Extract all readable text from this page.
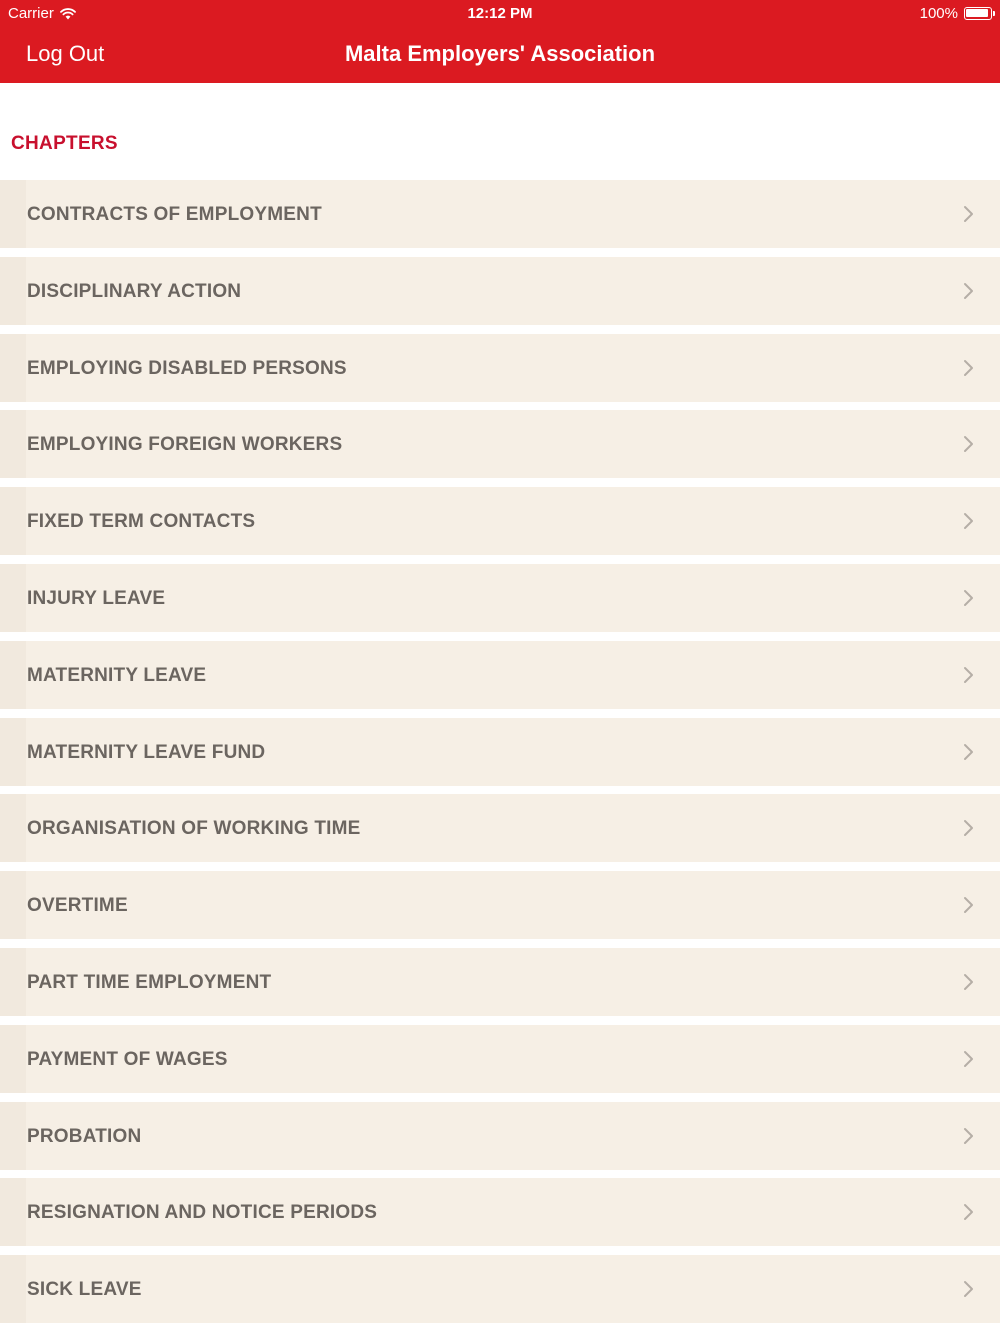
Carrier	12:12 PM	100%
Log Out	Malta Employers' Association
CHAPTERS
CONTRACTS OF EMPLOYMENT
DISCIPLINARY ACTION
EMPLOYING DISABLED PERSONS
EMPLOYING FOREIGN WORKERS
FIXED TERM CONTACTS
INJURY LEAVE
MATERNITY LEAVE
MATERNITY LEAVE FUND
ORGANISATION OF WORKING TIME
OVERTIME
PART TIME EMPLOYMENT
PAYMENT OF WAGES
PROBATION
RESIGNATION AND NOTICE PERIODS
SICK LEAVE
